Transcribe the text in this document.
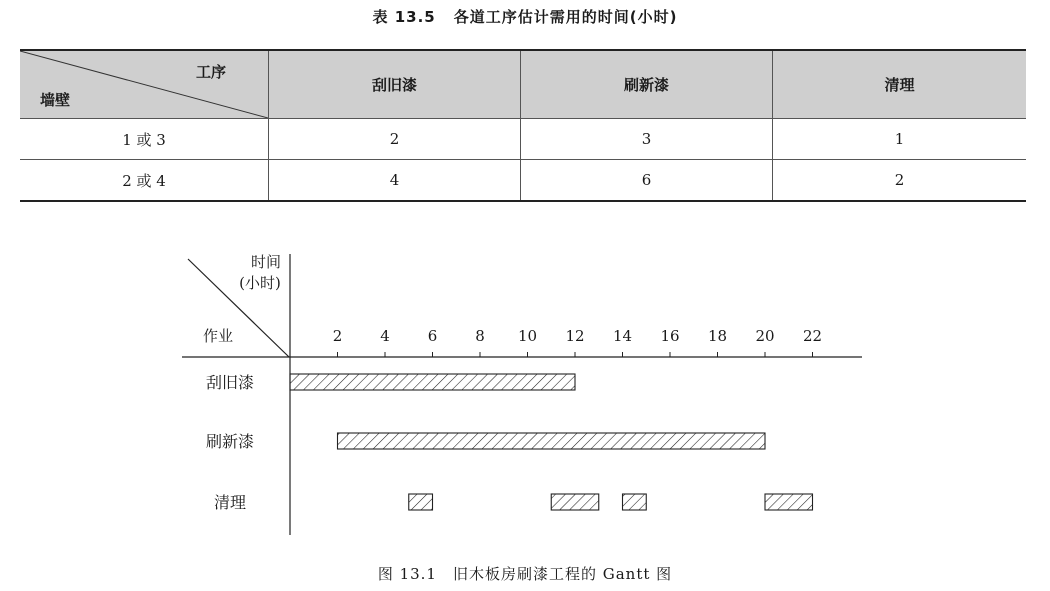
表 13.5 各道工序估计需用的时间(小时)
工序
墙壁	刮旧漆	刷新漆	清理
1 或 3	2	3	1
2 或 4	4	6	2
时间
(小时)
作业	2	4	6	8 10 12 14 16 18 20 22
刮旧漆
刷新漆
清理
图 13.1 旧木板房刷漆工程的 Gantt 图
